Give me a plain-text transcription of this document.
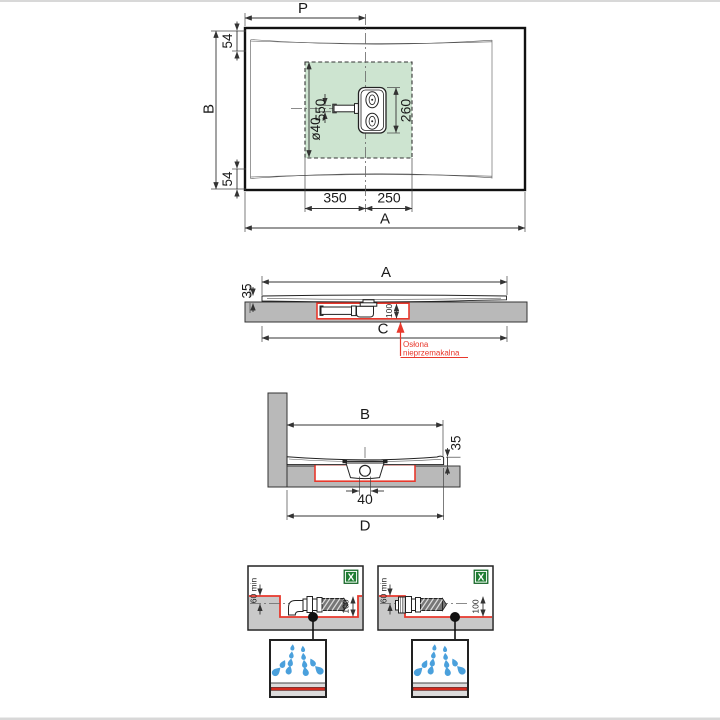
P
B
54
54
550
ø40
260
350 250
A
A
100
C
35
Osłona
nieprzemakalna
B
40
D
35
60 min
100
X	60 min
100
X
